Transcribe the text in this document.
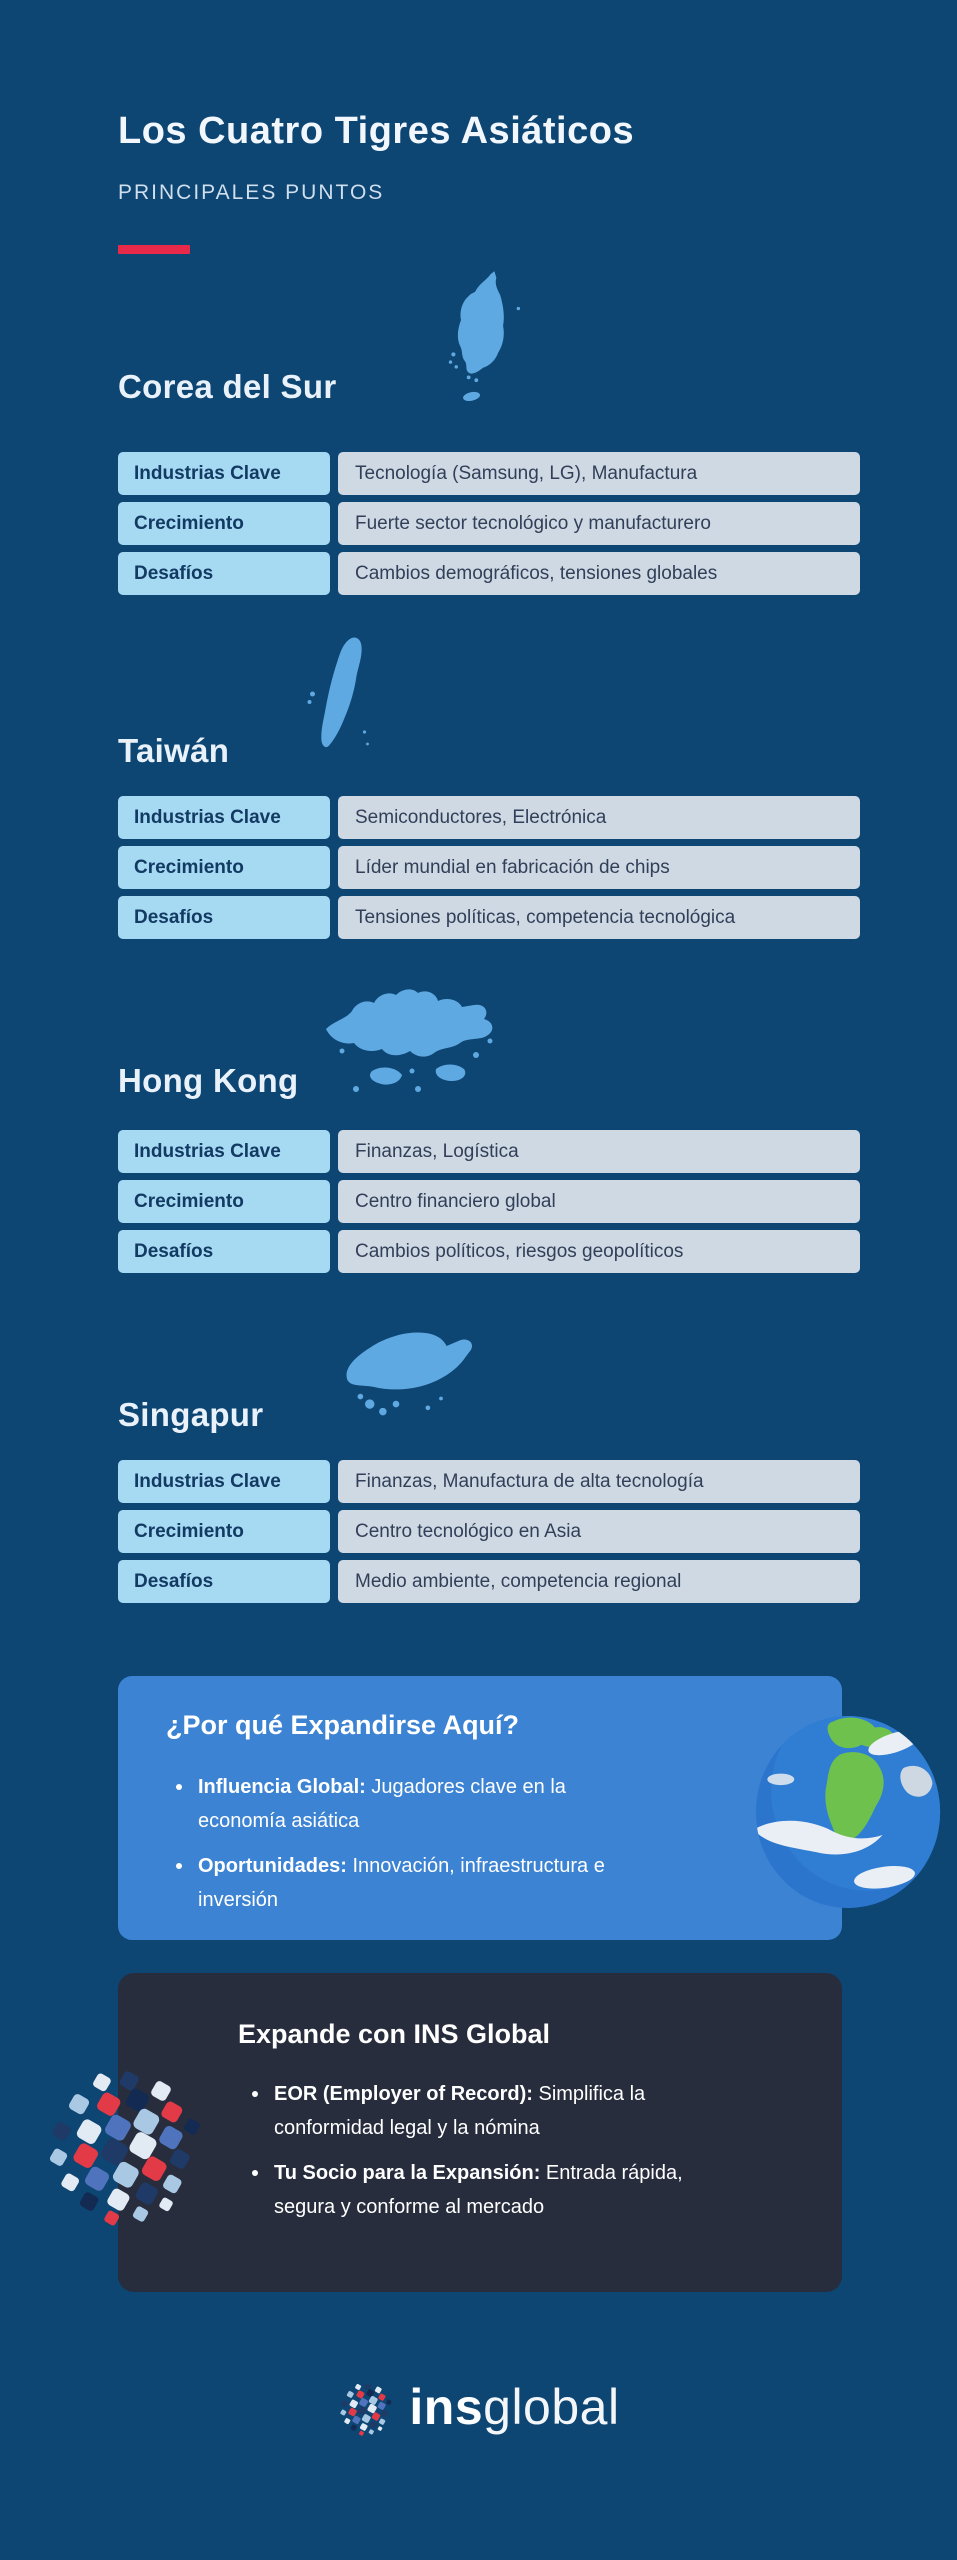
Los Cuatro Tigres Asiáticos
PRINCIPALES PUNTOS
Corea del Sur
Industrias Clave	Tecnología (Samsung, LG), Manufactura
Crecimiento	Fuerte sector tecnológico y manufacturero
Desafíos	Cambios demográficos, tensiones globales
Taiwán
Industrias Clave	Semiconductores, Electrónica
Crecimiento	Líder mundial en fabricación de chips
Desafíos	Tensiones políticas, competencia tecnológica
Hong Kong
Industrias Clave	Finanzas, Logística
Crecimiento	Centro financiero global
Desafíos	Cambios políticos, riesgos geopolíticos
Singapur
Industrias Clave	Finanzas, Manufactura de alta tecnología
Crecimiento	Centro tecnológico en Asia
Desafíos	Medio ambiente, competencia regional
¿Por qué Expandirse Aquí?
Influencia Global: Jugadores clave en la economía asiática
Oportunidades: Innovación, infraestructura e inversión
Expande con INS Global
EOR (Employer of Record): Simplifica la conformidad legal y la nómina
Tu Socio para la Expansión: Entrada rápida, segura y conforme al mercado
insglobal
